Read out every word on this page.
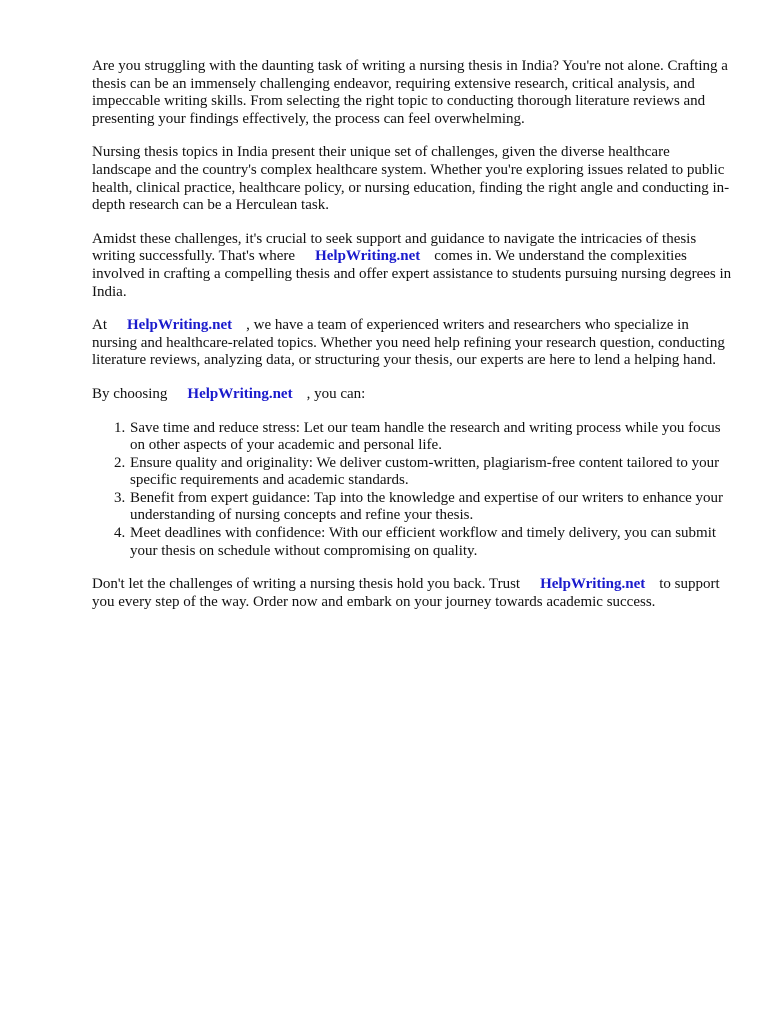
Are you struggling with the daunting task of writing a nursing thesis in India? You're not alone. Crafting a thesis can be an immensely challenging endeavor, requiring extensive research, critical analysis, and impeccable writing skills. From selecting the right topic to conducting thorough literature reviews and presenting your findings effectively, the process can feel overwhelming.

Nursing thesis topics in India present their unique set of challenges, given the diverse healthcare landscape and the country's complex healthcare system. Whether you're exploring issues related to public health, clinical practice, healthcare policy, or nursing education, finding the right angle and conducting in-depth research can be a Herculean task.

Amidst these challenges, it's crucial to seek support and guidance to navigate the intricacies of thesis writing successfully. That's where HelpWriting.net comes in. We understand the complexities involved in crafting a compelling thesis and offer expert assistance to students pursuing nursing degrees in India.

At HelpWriting.net , we have a team of experienced writers and researchers who specialize in nursing and healthcare-related topics. Whether you need help refining your research question, conducting literature reviews, analyzing data, or structuring your thesis, our experts are here to lend a helping hand.

By choosing HelpWriting.net , you can:

1. Save time and reduce stress: Let our team handle the research and writing process while you focus on other aspects of your academic and personal life.
2. Ensure quality and originality: We deliver custom-written, plagiarism-free content tailored to your specific requirements and academic standards.
3. Benefit from expert guidance: Tap into the knowledge and expertise of our writers to enhance your understanding of nursing concepts and refine your thesis.
4. Meet deadlines with confidence: With our efficient workflow and timely delivery, you can submit your thesis on schedule without compromising on quality.

Don't let the challenges of writing a nursing thesis hold you back. Trust HelpWriting.net to support you every step of the way. Order now and embark on your journey towards academic success.
